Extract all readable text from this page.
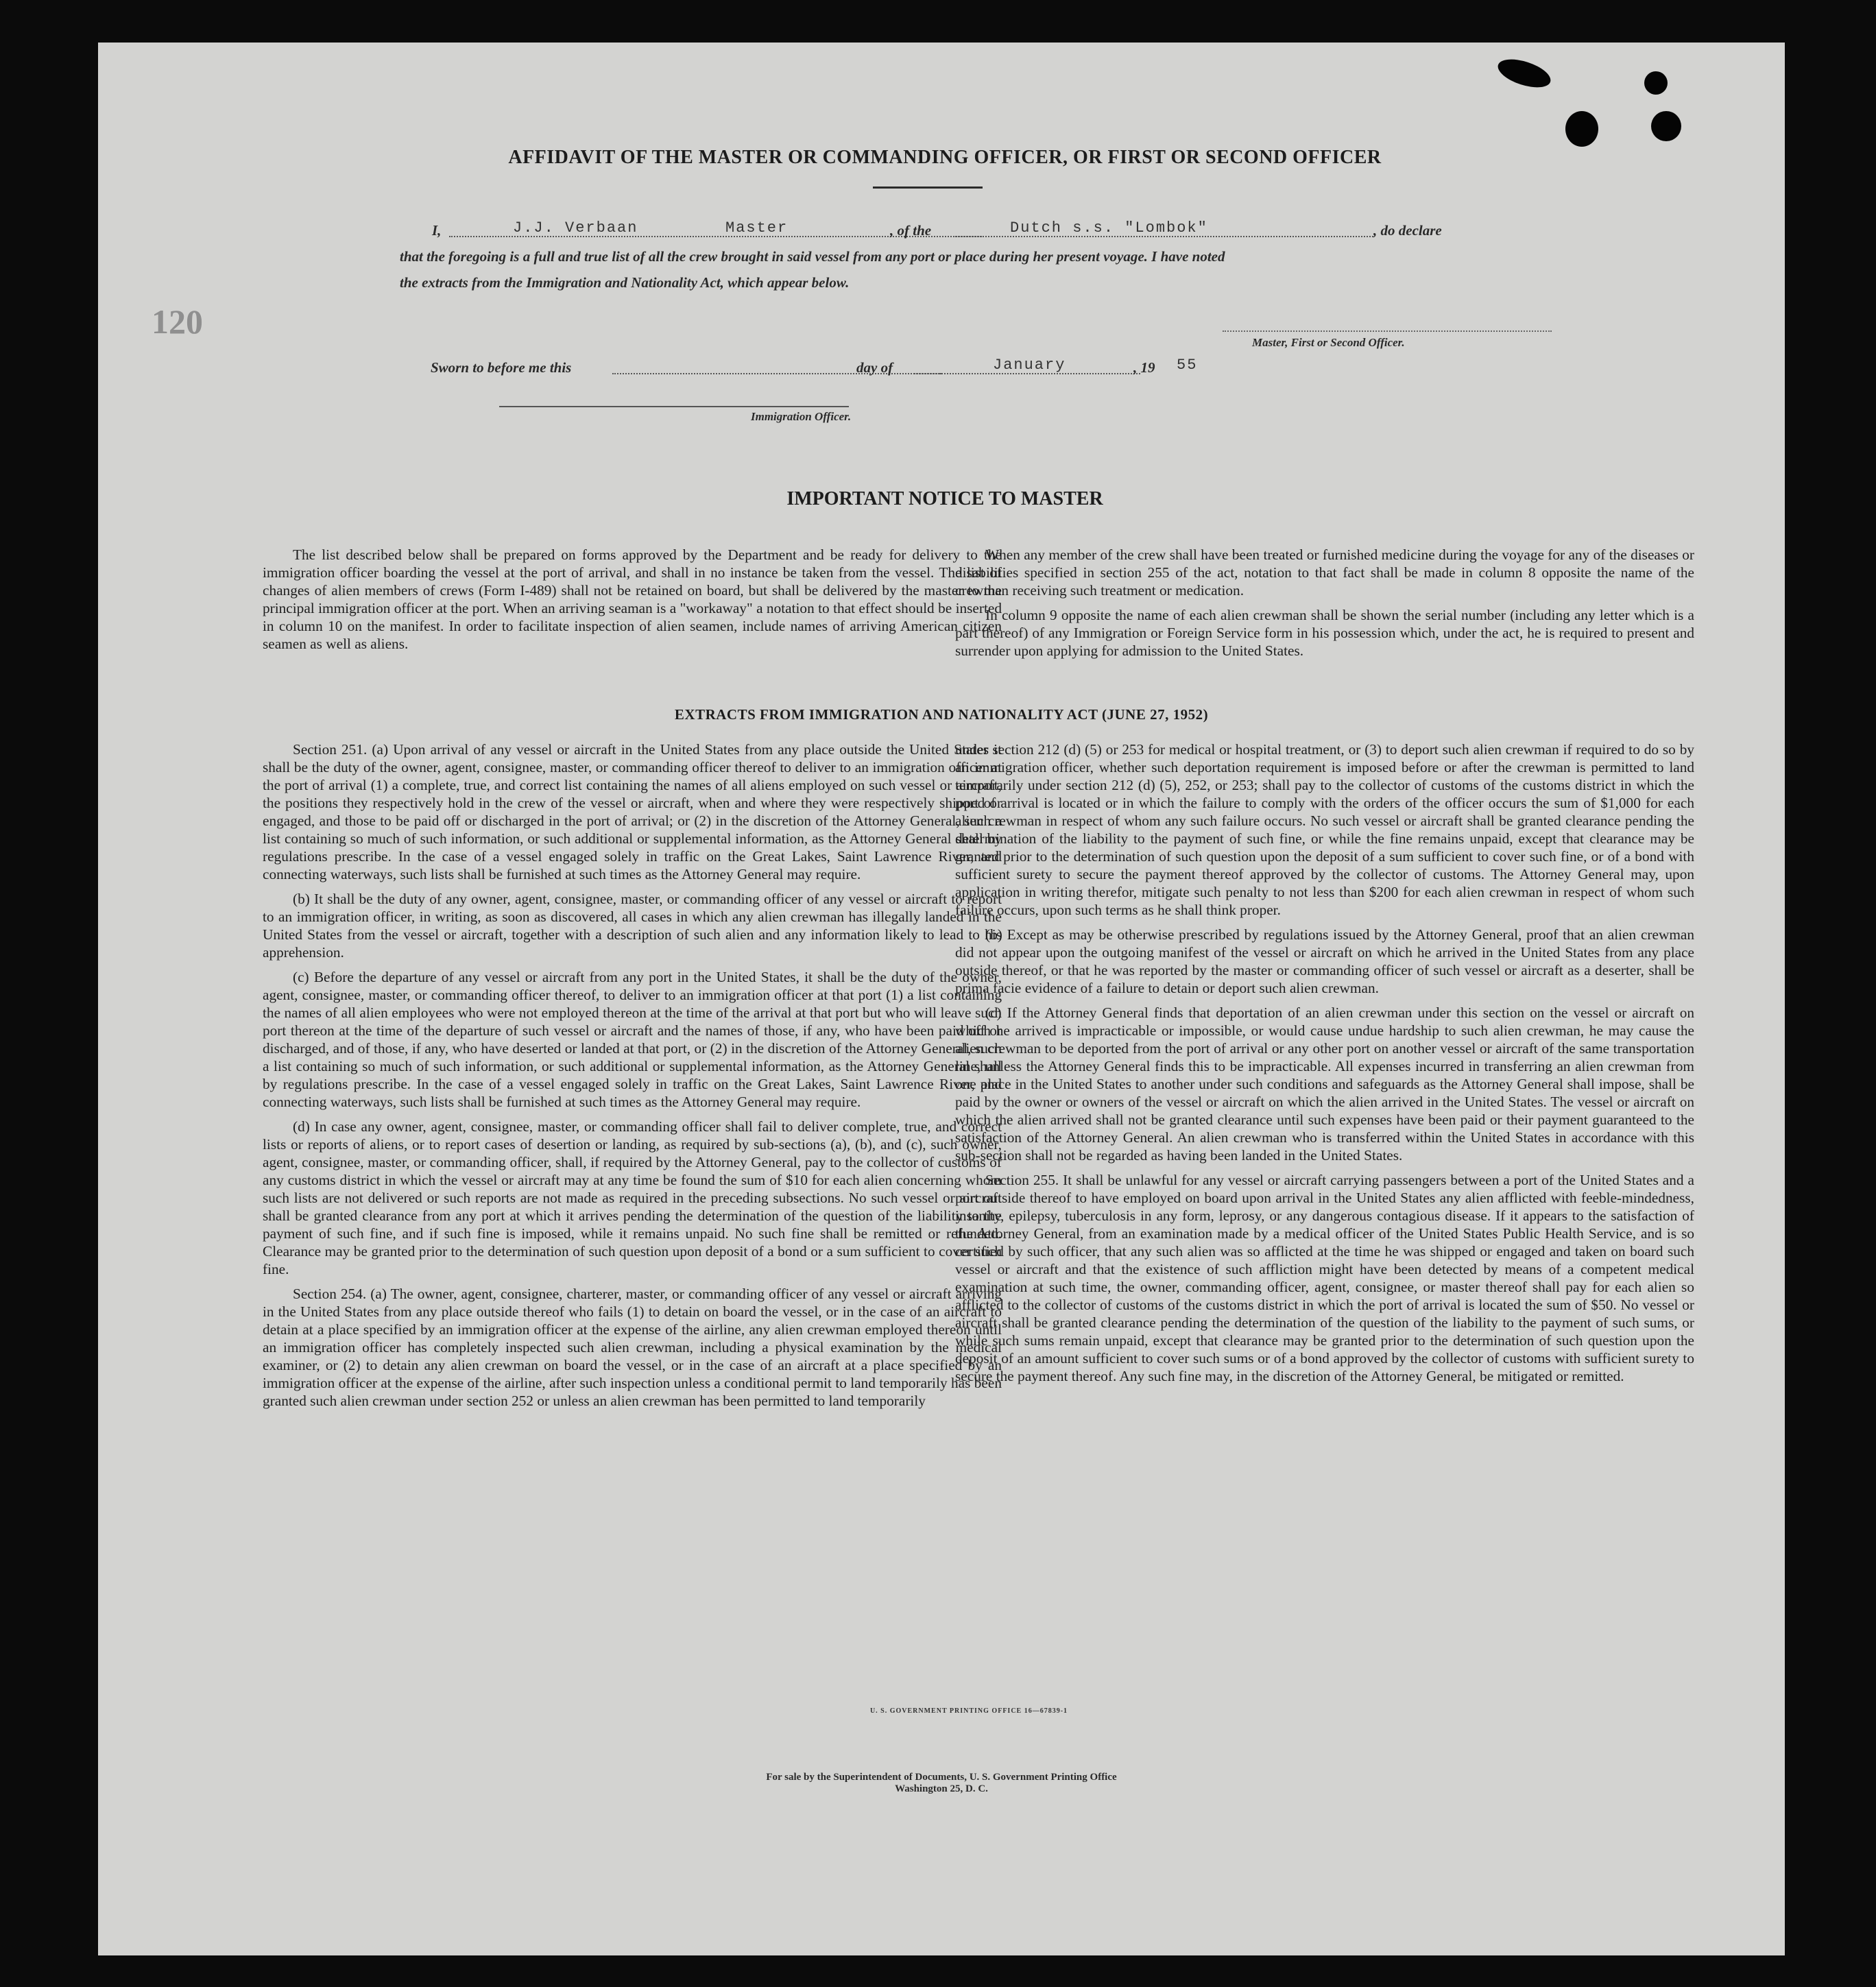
120
AFFIDAVIT OF THE MASTER OR COMMANDING OFFICER, OR FIRST OR SECOND OFFICER
I,	J.J. Verbaan	Master	, of the	Dutch s.s. "Lombok"	, do declare
that the foregoing is a full and true list of all the crew brought in said vessel from any port or place during her present voyage. I have noted
the extracts from the Immigration and Nationality Act, which appear below.
Master, First or Second Officer.
Sworn to before me this	day of	January	, 19 55
Immigration Officer.
IMPORTANT NOTICE TO MASTER

The list described below shall be prepared on forms approved by the Department and be ready for delivery to the immigration officer boarding the vessel at the port of arrival, and shall in no instance be taken from the vessel. The list of changes of alien members of crews (Form I-489) shall not be retained on board, but shall be delivered by the master to the principal immigration officer at the port. When an arriving seaman is a "workaway" a notation to that effect should be inserted in column 10 on the manifest. In order to facilitate inspection of alien seamen, include names of arriving American citizen seamen as well as aliens.

When any member of the crew shall have been treated or furnished medicine during the voyage for any of the diseases or disabilities specified in section 255 of the act, notation to that fact shall be made in column 8 opposite the name of the crewman receiving such treatment or medication.

In column 9 opposite the name of each alien crewman shall be shown the serial number (including any letter which is a part thereof) of any Immigration or Foreign Service form in his possession which, under the act, he is required to present and surrender upon applying for admission to the United States.

EXTRACTS FROM IMMIGRATION AND NATIONALITY ACT (JUNE 27, 1952)

Section 251. (a) Upon arrival of any vessel or aircraft in the United States from any place outside the United States it shall be the duty of the owner, agent, consignee, master, or commanding officer thereof to deliver to an immigration officer at the port of arrival (1) a complete, true, and correct list containing the names of all aliens employed on such vessel or aircraft, the positions they respectively hold in the crew of the vessel or aircraft, when and where they were respectively shipped or engaged, and those to be paid off or discharged in the port of arrival; or (2) in the discretion of the Attorney General, such a list containing so much of such information, or such additional or supplemental information, as the Attorney General shall by regulations prescribe. In the case of a vessel engaged solely in traffic on the Great Lakes, Saint Lawrence River, and connecting waterways, such lists shall be furnished at such times as the Attorney General may require.

(b) It shall be the duty of any owner, agent, consignee, master, or commanding officer of any vessel or aircraft to report to an immigration officer, in writing, as soon as discovered, all cases in which any alien crewman has illegally landed in the United States from the vessel or aircraft, together with a description of such alien and any information likely to lead to his apprehension.

(c) Before the departure of any vessel or aircraft from any port in the United States, it shall be the duty of the owner, agent, consignee, master, or commanding officer thereof, to deliver to an immigration officer at that port (1) a list containing the names of all alien employees who were not employed thereon at the time of the arrival at that port but who will leave such port thereon at the time of the departure of such vessel or aircraft and the names of those, if any, who have been paid off or discharged, and of those, if any, who have deserted or landed at that port, or (2) in the discretion of the Attorney General, such a list containing so much of such information, or such additional or supplemental information, as the Attorney General shall by regulations prescribe. In the case of a vessel engaged solely in traffic on the Great Lakes, Saint Lawrence River, and connecting waterways, such lists shall be furnished at such times as the Attorney General may require.

(d) In case any owner, agent, consignee, master, or commanding officer shall fail to deliver complete, true, and correct lists or reports of aliens, or to report cases of desertion or landing, as required by sub-sections (a), (b), and (c), such owner, agent, consignee, master, or commanding officer, shall, if required by the Attorney General, pay to the collector of customs of any customs district in which the vessel or aircraft may at any time be found the sum of $10 for each alien concerning whom such lists are not delivered or such reports are not made as required in the preceding subsections. No such vessel or aircraft shall be granted clearance from any port at which it arrives pending the determination of the question of the liability to the payment of such fine, and if such fine is imposed, while it remains unpaid. No such fine shall be remitted or refunded. Clearance may be granted prior to the determination of such question upon deposit of a bond or a sum sufficient to cover such fine.

Section 254. (a) The owner, agent, consignee, charterer, master, or commanding officer of any vessel or aircraft arriving in the United States from any place outside thereof who fails (1) to detain on board the vessel, or in the case of an aircraft to detain at a place specified by an immigration officer at the expense of the airline, any alien crewman employed thereon until an immigration officer has completely inspected such alien crewman, including a physical examination by the medical examiner, or (2) to detain any alien crewman on board the vessel, or in the case of an aircraft at a place specified by an immigration officer at the expense of the airline, after such inspection unless a conditional permit to land temporarily has been granted such alien crewman under section 252 or unless an alien crewman has been permitted to land temporarily

under section 212 (d) (5) or 253 for medical or hospital treatment, or (3) to deport such alien crewman if required to do so by an immigration officer, whether such deportation requirement is imposed before or after the crewman is permitted to land temporarily under section 212 (d) (5), 252, or 253; shall pay to the collector of customs of the customs district in which the port of arrival is located or in which the failure to comply with the orders of the officer occurs the sum of $1,000 for each alien crewman in respect of whom any such failure occurs. No such vessel or aircraft shall be granted clearance pending the determination of the liability to the payment of such fine, or while the fine remains unpaid, except that clearance may be granted prior to the determination of such question upon the deposit of a sum sufficient to cover such fine, or of a bond with sufficient surety to secure the payment thereof approved by the collector of customs. The Attorney General may, upon application in writing therefor, mitigate such penalty to not less than $200 for each alien crewman in respect of whom such failure occurs, upon such terms as he shall think proper.

(b) Except as may be otherwise prescribed by regulations issued by the Attorney General, proof that an alien crewman did not appear upon the outgoing manifest of the vessel or aircraft on which he arrived in the United States from any place outside thereof, or that he was reported by the master or commanding officer of such vessel or aircraft as a deserter, shall be prima facie evidence of a failure to detain or deport such alien crewman.

(c) If the Attorney General finds that deportation of an alien crewman under this section on the vessel or aircraft on which he arrived is impracticable or impossible, or would cause undue hardship to such alien crewman, he may cause the alien crewman to be deported from the port of arrival or any other port on another vessel or aircraft of the same transportation line, unless the Attorney General finds this to be impracticable. All expenses incurred in transferring an alien crewman from one place in the United States to another under such conditions and safeguards as the Attorney General shall impose, shall be paid by the owner or owners of the vessel or aircraft on which the alien arrived in the United States. The vessel or aircraft on which the alien arrived shall not be granted clearance until such expenses have been paid or their payment guaranteed to the satisfaction of the Attorney General. An alien crewman who is transferred within the United States in accordance with this sub-section shall not be regarded as having been landed in the United States.

Section 255. It shall be unlawful for any vessel or aircraft carrying passengers between a port of the United States and a port outside thereof to have employed on board upon arrival in the United States any alien afflicted with feeble-mindedness, insanity, epilepsy, tuberculosis in any form, leprosy, or any dangerous contagious disease. If it appears to the satisfaction of the Attorney General, from an examination made by a medical officer of the United States Public Health Service, and is so certified by such officer, that any such alien was so afflicted at the time he was shipped or engaged and taken on board such vessel or aircraft and that the existence of such affliction might have been detected by means of a competent medical examination at such time, the owner, commanding officer, agent, consignee, or master thereof shall pay for each alien so afflicted to the collector of customs of the customs district in which the port of arrival is located the sum of $50. No vessel or aircraft shall be granted clearance pending the determination of the question of the liability to the payment of such sums, or while such sums remain unpaid, except that clearance may be granted prior to the determination of such question upon the deposit of an amount sufficient to cover such sums or of a bond approved by the collector of customs with sufficient surety to secure the payment thereof. Any such fine may, in the discretion of the Attorney General, be mitigated or remitted.

U. S. GOVERNMENT PRINTING OFFICE 16—67839-1
For sale by the Superintendent of Documents, U. S. Government Printing Office
Washington 25, D. C.
